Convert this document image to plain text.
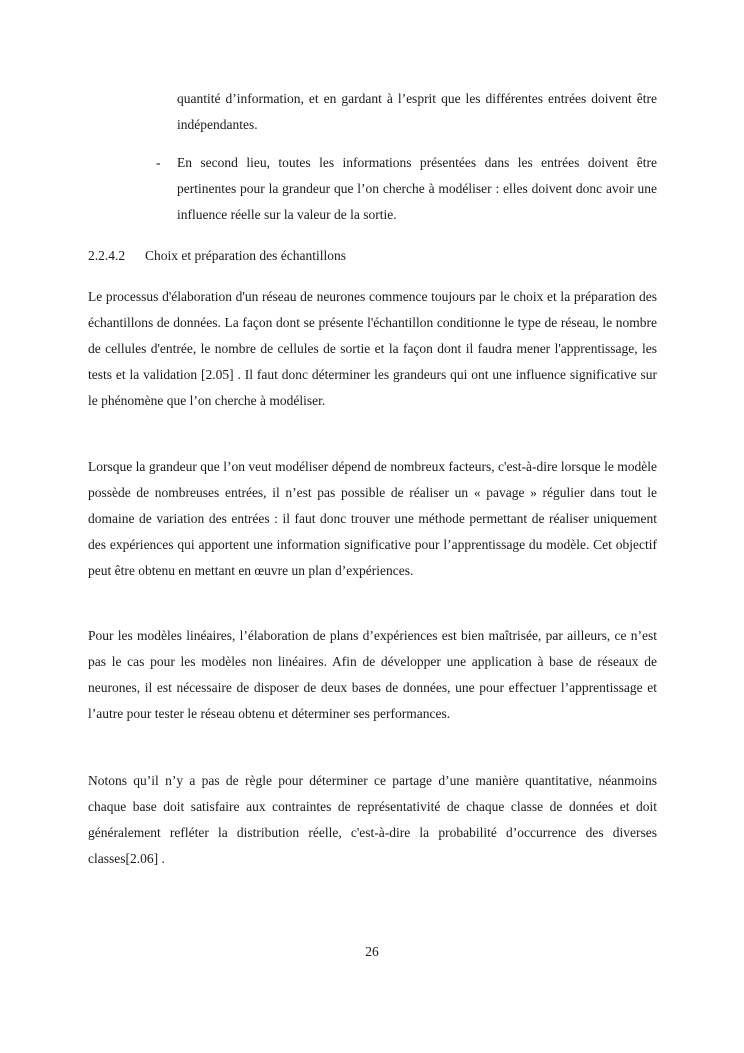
quantité d’information, et en gardant à l’esprit que les différentes entrées doivent être indépendantes.
- En second lieu, toutes les informations présentées dans les entrées doivent être pertinentes pour la grandeur que l’on cherche à modéliser : elles doivent donc avoir une influence réelle sur la valeur de la sortie.
2.2.4.2 Choix et préparation des échantillons

Le processus d'élaboration d'un réseau de neurones commence toujours par le choix et la préparation des échantillons de données. La façon dont se présente l'échantillon conditionne le type de réseau, le nombre de cellules d'entrée, le nombre de cellules de sortie et la façon dont il faudra mener l'apprentissage, les tests et la validation [2.05] . Il faut donc déterminer les grandeurs qui ont une influence significative sur le phénomène que l’on cherche à modéliser.

Lorsque la grandeur que l’on veut modéliser dépend de nombreux facteurs, c'est-à-dire lorsque le modèle possède de nombreuses entrées, il n’est pas possible de réaliser un « pavage » régulier dans tout le domaine de variation des entrées : il faut donc trouver une méthode permettant de réaliser uniquement des expériences qui apportent une information significative pour l’apprentissage du modèle. Cet objectif peut être obtenu en mettant en œuvre un plan d’expériences.

Pour les modèles linéaires, l’élaboration de plans d’expériences est bien maîtrisée, par ailleurs, ce n’est pas le cas pour les modèles non linéaires. Afin de développer une application à base de réseaux de neurones, il est nécessaire de disposer de deux bases de données, une pour effectuer l’apprentissage et l’autre pour tester le réseau obtenu et déterminer ses performances.

Notons qu’il n’y a pas de règle pour déterminer ce partage d’une manière quantitative, néanmoins chaque base doit satisfaire aux contraintes de représentativité de chaque classe de données et doit généralement refléter la distribution réelle, c'est-à-dire la probabilité d’occurrence des diverses classes[2.06] .

26
